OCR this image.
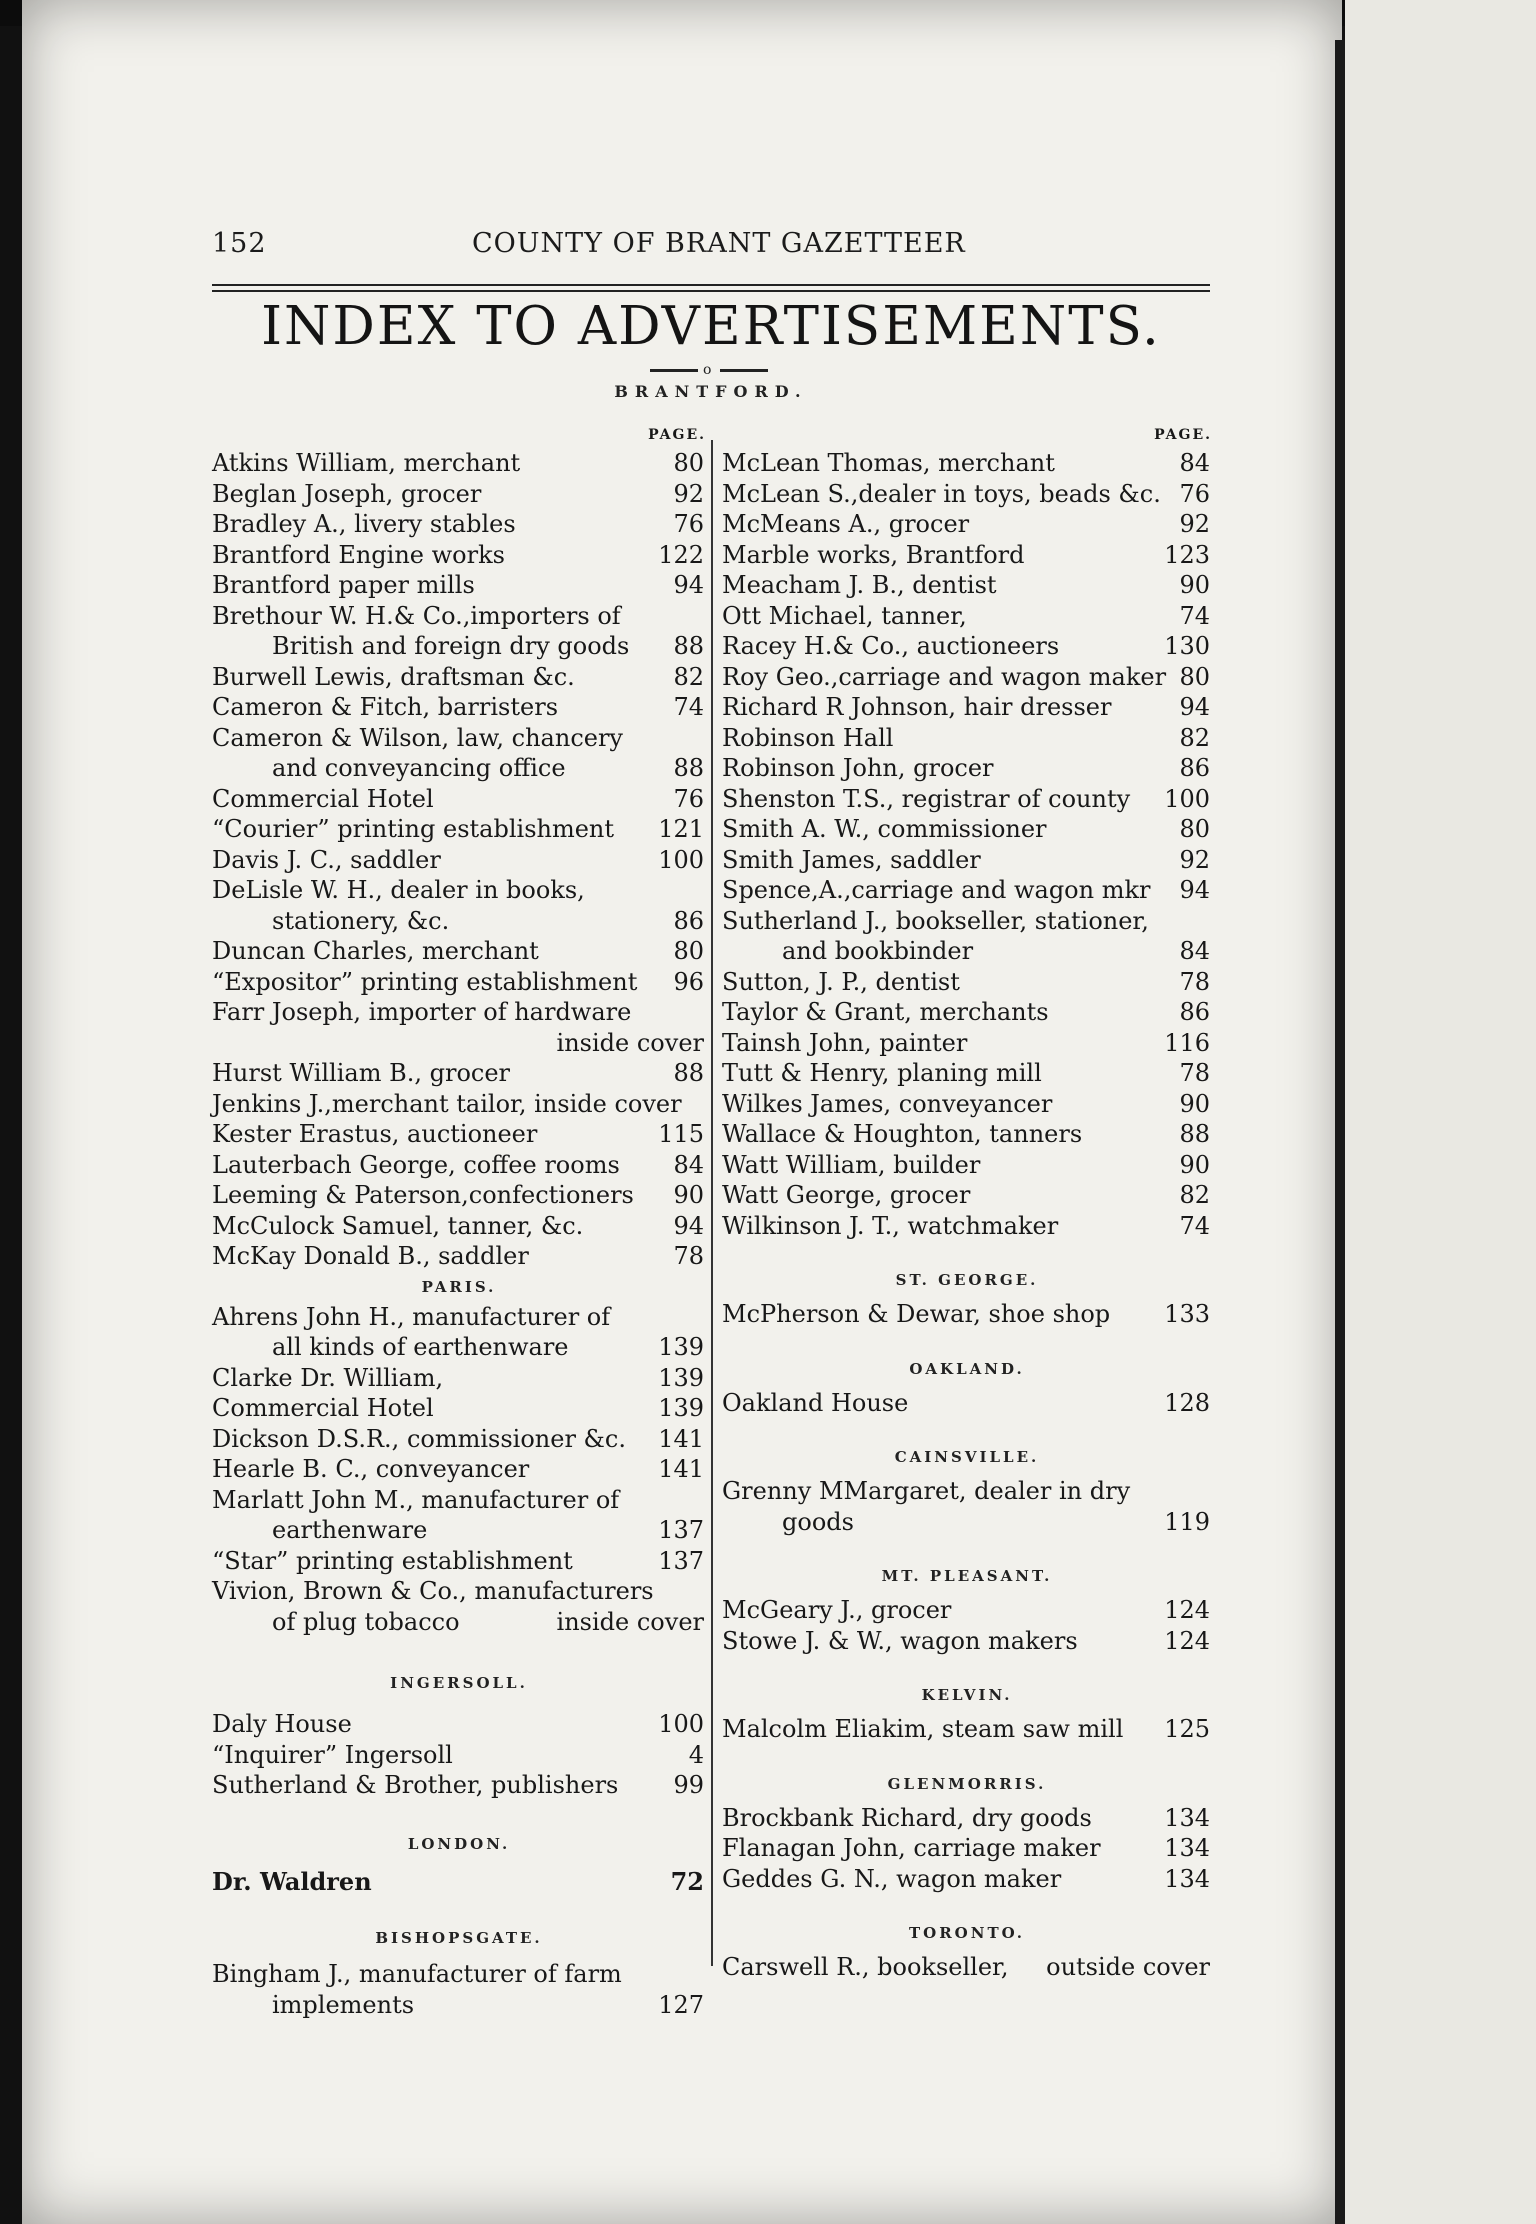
152	COUNTY OF BRANT GAZETTEER
INDEX TO ADVERTISEMENTS.
o
BRANTFORD.
PAGE.
Atkins William, merchant	80
Beglan Joseph, grocer	92
Bradley A., livery stables	76
Brantford Engine works	122
Brantford paper mills	94
Brethour W. H.& Co.,importers of
British and foreign dry goods 88
Burwell Lewis, draftsman &c.	82
Cameron & Fitch, barristers	74
Cameron & Wilson, law, chancery
and conveyancing office	88
Commercial Hotel	76
“Courier” printing establishment 121
Davis J. C., saddler	100
DeLisle W. H., dealer in books,
stationery, &c.	86
Duncan Charles, merchant	80
“Expositor” printing establishment 96
Farr Joseph, importer of hardware
inside cover
Hurst William B., grocer	88
Jenkins J.,merchant tailor, inside cover
Kester Erastus, auctioneer	115
Lauterbach George, coffee rooms 84
Leeming & Paterson,confectioners 90
McCulock Samuel, tanner, &c.	94
McKay Donald B., saddler	78
PARIS.
Ahrens John H., manufacturer of
all kinds of earthenware	139
Clarke Dr. William,	139
Commercial Hotel	139
Dickson D.S.R., commissioner &c. 141
Hearle B. C., conveyancer	141
Marlatt John M., manufacturer of
earthenware	137
“Star” printing establishment	137
Vivion, Brown & Co., manufacturers
of plug tobacco	inside cover
INGERSOLL.
Daly House	100
“Inquirer” Ingersoll	4
Sutherland & Brother, publishers 99
LONDON.
Dr. Waldren	72
BISHOPSGATE.
Bingham J., manufacturer of farm
implements	127
PAGE.
McLean Thomas, merchant	84
McLean S.,dealer in toys, beads &c. 76
McMeans A., grocer	92
Marble works, Brantford	123
Meacham J. B., dentist	90
Ott Michael, tanner,	74
Racey H.& Co., auctioneers	130
Roy Geo.,carriage and wagon maker 80
Richard R Johnson, hair dresser	94
Robinson Hall	82
Robinson John, grocer	86
Shenston T.S., registrar of county 100
Smith A. W., commissioner	80
Smith James, saddler	92
Spence,A.,carriage and wagon mkr 94
Sutherland J., bookseller, stationer,
and bookbinder	84
Sutton, J. P., dentist	78
Taylor & Grant, merchants	86
Tainsh John, painter	116
Tutt & Henry, planing mill	78
Wilkes James, conveyancer	90
Wallace & Houghton, tanners	88
Watt William, builder	90
Watt George, grocer	82
Wilkinson J. T., watchmaker	74
ST. GEORGE.
McPherson & Dewar, shoe shop 133
OAKLAND.
Oakland House	128
CAINSVILLE.
Grenny MMargaret, dealer in dry
goods	119
MT. PLEASANT.
McGeary J., grocer	124
Stowe J. & W., wagon makers	124
KELVIN.
Malcolm Eliakim, steam saw mill 125
GLENMORRIS.
Brockbank Richard, dry goods	134
Flanagan John, carriage maker	134
Geddes G. N., wagon maker	134
TORONTO.
Carswell R., bookseller, outside cover
